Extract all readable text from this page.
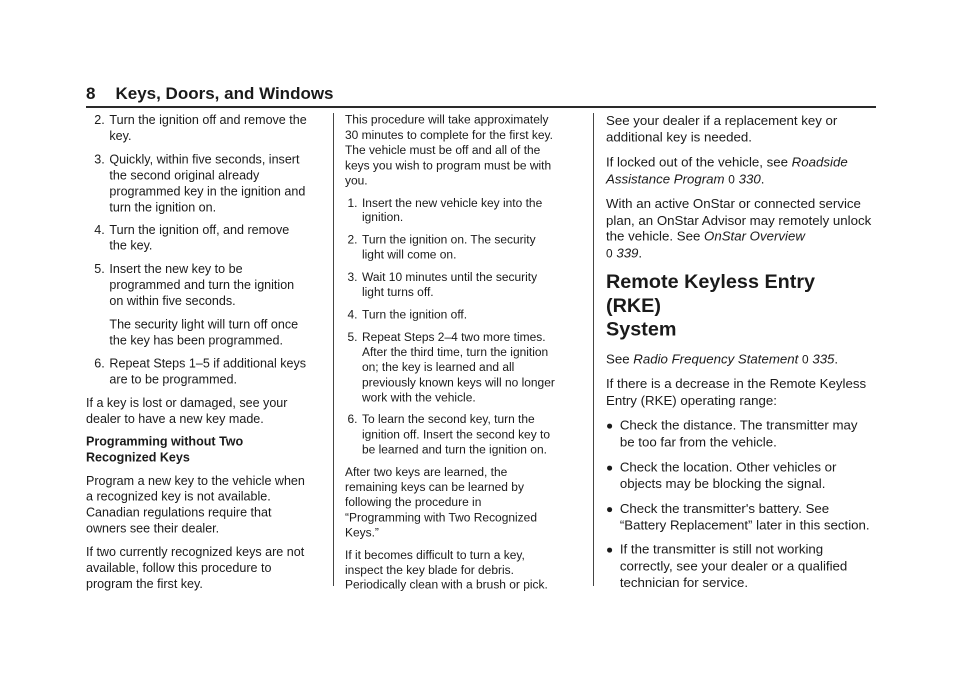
8 Keys, Doors, and Windows
2. Turn the ignition off and remove the key.

3. Quickly, within five seconds, insert the second original already programmed key in the ignition and turn the ignition on.

4. Turn the ignition off, and remove the key.

5. Insert the new key to be programmed and turn the ignition on within five seconds.

The security light will turn off once the key has been programmed.

6. Repeat Steps 1–5 if additional keys are to be programmed.

If a key is lost or damaged, see your dealer to have a new key made.

Programming without Two Recognized Keys

Program a new key to the vehicle when a recognized key is not available. Canadian regulations require that owners see their dealer.

If two currently recognized keys are not available, follow this procedure to program the first key.

This procedure will take approximately 30 minutes to complete for the first key. The vehicle must be off and all of the keys you wish to program must be with you.

1. Insert the new vehicle key into the ignition.

2. Turn the ignition on. The security light will come on.

3. Wait 10 minutes until the security light turns off.

4. Turn the ignition off.

5. Repeat Steps 2–4 two more times. After the third time, turn the ignition on; the key is learned and all previously known keys will no longer work with the vehicle.

6. To learn the second key, turn the ignition off. Insert the second key to be learned and turn the ignition on.

After two keys are learned, the remaining keys can be learned by following the procedure in “Programming with Two Recognized Keys.”

If it becomes difficult to turn a key, inspect the key blade for debris. Periodically clean with a brush or pick.

See your dealer if a replacement key or additional key is needed.

If locked out of the vehicle, see Roadside Assistance Program 0 330.

With an active OnStar or connected service plan, an OnStar Advisor may remotely unlock the vehicle. See OnStar Overview
0 339.

Remote Keyless Entry (RKE)
System

See Radio Frequency Statement 0 335.

If there is a decrease in the Remote Keyless Entry (RKE) operating range:

● Check the distance. The transmitter may be too far from the vehicle.
● Check the location. Other vehicles or objects may be blocking the signal.
● Check the transmitter's battery. See “Battery Replacement” later in this section.
● If the transmitter is still not working correctly, see your dealer or a qualified technician for service.
